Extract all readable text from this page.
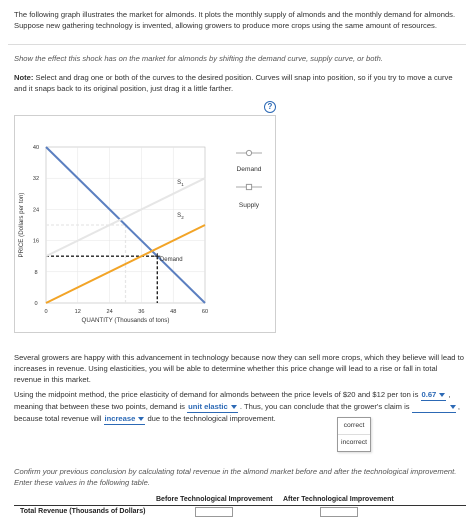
The following graph illustrates the market for almonds. It plots the monthly supply of almonds and the monthly demand for almonds. Suppose new gathering technology is invented, allowing growers to produce more crops using the same amount of resources.
Show the effect this shock has on the market for almonds by shifting the demand curve, supply curve, or both.
Note: Select and drag one or both of the curves to the desired position. Curves will snap into position, so if you try to move a curve and it snaps back to its original position, just drag it a little farther.
?
0	12	24	36	48	60
0
8
16
24
32
40
QUANTITY (Thousands of tons)
PRICE (Dollars per ton)
$S_1$
$S_2$
Demand
Demand
Supply
Several growers are happy with this advancement in technology because now they can sell more crops, which they believe will lead to increases in revenue. Using elasticities, you will be able to determine whether this price change will lead to a rise or fall in total revenue in this market.
Using the midpoint method, the price elasticity of demand for almonds between the price levels of $20 and $12 per ton is 0.67 , meaning that between these two points, demand is unit elastic . Thus, you can conclude that the grower's claim is	, because total revenue will increase due to the technological improvement.
correct
incorrect
Confirm your previous conclusion by calculating total revenue in the almond market before and after the technological improvement. Enter these values in the following table.
Before Technological Improvement After Technological Improvement
Total Revenue (Thousands of Dollars)
